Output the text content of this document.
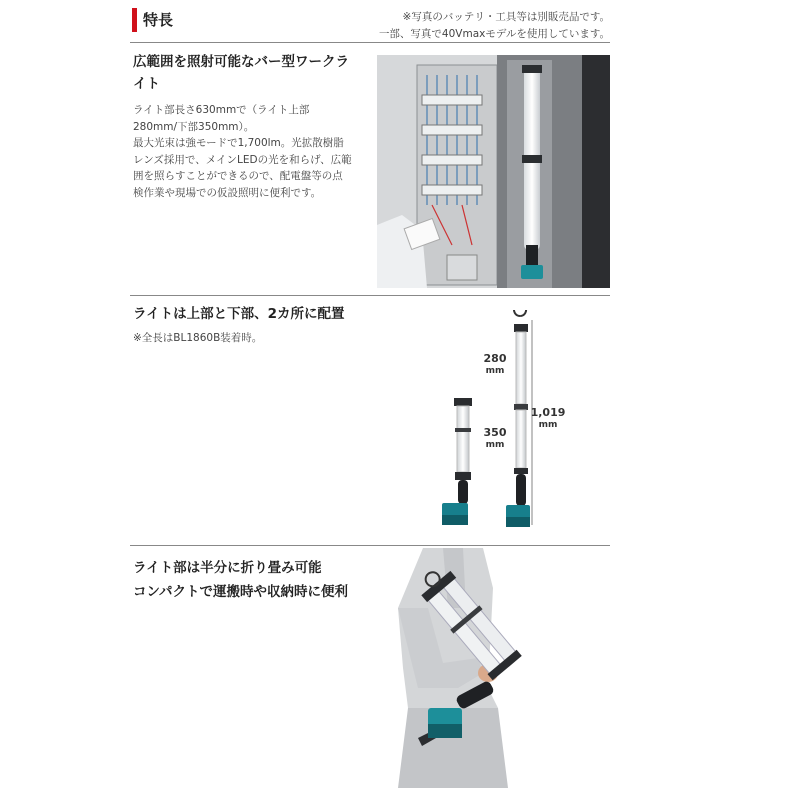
特長	※写真のバッテリ・工具等は別販売品です。
一部、写真で40Vmaxモデルを使用しています。
広範囲を照射可能なバー型ワークラ
イト
ライト部長さ630mmで（ライト上部
280mm/下部350mm）。
最大光束は強モードで1,700lm。光拡散樹脂
レンズ採用で、メインLEDの光を和らげ、広範
囲を照らすことができるので、配電盤等の点
検作業や現場での仮設照明に便利です。
ライトは上部と下部、2カ所に配置
※全長はBL1860B装着時。
280
mm
350
mm
1,019
mm
ライト部は半分に折り畳み可能
コンパクトで運搬時や収納時に便利
